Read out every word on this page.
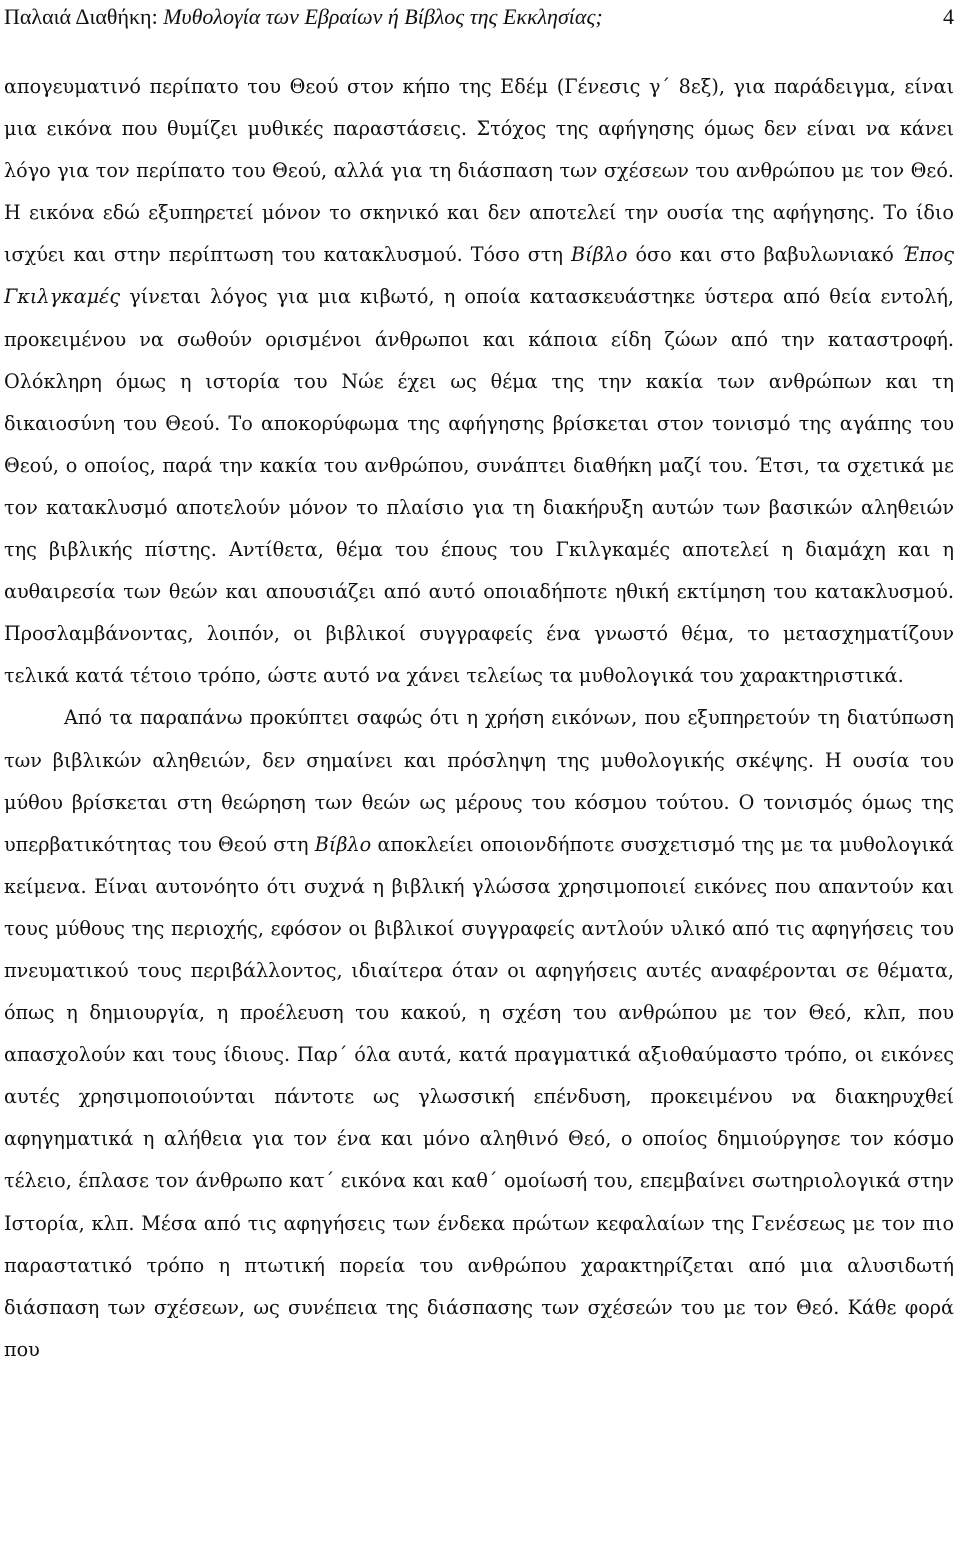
Παλαιά Διαθήκη: Μυθολογία των Εβραίων ή Βίβλος της Εκκλησίας;	4

απογευματινό περίπατο του Θεού στον κήπο της Εδέμ (Γένεσις γ΄ 8εξ), για παράδειγμα, είναι μια εικόνα που θυμίζει μυθικές παραστάσεις. Στόχος της αφήγησης όμως δεν είναι να κάνει λόγο για τον περίπατο του Θεού, αλλά για τη διάσπαση των σχέσεων του ανθρώπου με τον Θεό. Η εικόνα εδώ εξυπηρετεί μόνον το σκηνικό και δεν αποτελεί την ουσία της αφήγησης. Το ίδιο ισχύει και στην περίπτωση του κατακλυσμού. Τόσο στη Βίβλο όσο και στο βαβυλωνιακό Έπος Γκιλγκαμές γίνεται λόγος για μια κιβωτό, η οποία κατασκευάστηκε ύστερα από θεία εντολή, προκειμένου να σωθούν ορισμένοι άνθρωποι και κάποια είδη ζώων από την καταστροφή. Ολόκληρη όμως η ιστορία του Νώε έχει ως θέμα της την κακία των ανθρώπων και τη δικαιοσύνη του Θεού. Το αποκορύφωμα της αφήγησης βρίσκεται στον τονισμό της αγάπης του Θεού, ο οποίος, παρά την κακία του ανθρώπου, συνάπτει διαθήκη μαζί του. Έτσι, τα σχετικά με τον κατακλυσμό αποτελούν μόνον το πλαίσιο για τη διακήρυξη αυτών των βασικών αληθειών της βιβλικής πίστης. Αντίθετα, θέμα του έπους του Γκιλγκαμές αποτελεί η διαμάχη και η αυθαιρεσία των θεών και απουσιάζει από αυτό οποιαδήποτε ηθική εκτίμηση του κατακλυσμού. Προσλαμβάνοντας, λοιπόν, οι βιβλικοί συγγραφείς ένα γνωστό θέμα, το μετασχηματίζουν τελικά κατά τέτοιο τρόπο, ώστε αυτό να χάνει τελείως τα μυθολογικά του χαρακτηριστικά.

Από τα παραπάνω προκύπτει σαφώς ότι η χρήση εικόνων, που εξυπηρετούν τη διατύπωση των βιβλικών αληθειών, δεν σημαίνει και πρόσληψη της μυθολογικής σκέψης. Η ουσία του μύθου βρίσκεται στη θεώρηση των θεών ως μέρους του κόσμου τούτου. Ο τονισμός όμως της υπερβατικότητας του Θεού στη Βίβλο αποκλείει οποιονδήποτε συσχετισμό της με τα μυθολογικά κείμενα. Είναι αυτονόητο ότι συχνά η βιβλική γλώσσα χρησιμοποιεί εικόνες που απαντούν και τους μύθους της περιοχής, εφόσον οι βιβλικοί συγγραφείς αντλούν υλικό από τις αφηγήσεις του πνευματικού τους περιβάλλοντος, ιδιαίτερα όταν οι αφηγήσεις αυτές αναφέρονται σε θέματα, όπως η δημιουργία, η προέλευση του κακού, η σχέση του ανθρώπου με τον Θεό, κλπ, που απασχολούν και τους ίδιους. Παρ΄ όλα αυτά, κατά πραγματικά αξιοθαύμαστο τρόπο, οι εικόνες αυτές χρησιμοποιούνται πάντοτε ως γλωσσική επένδυση, προκειμένου να διακηρυχθεί αφηγηματικά η αλήθεια για τον ένα και μόνο αληθινό Θεό, ο οποίος δημιούργησε τον κόσμο τέλειο, έπλασε τον άνθρωπο κατ΄ εικόνα και καθ΄ ομοίωσή του, επεμβαίνει σωτηριολογικά στην Ιστορία, κλπ. Μέσα από τις αφηγήσεις των ένδεκα πρώτων κεφαλαίων της Γενέσεως με τον πιο παραστατικό τρόπο η πτωτική πορεία του ανθρώπου χαρακτηρίζεται από μια αλυσιδωτή διάσπαση των σχέσεων, ως συνέπεια της διάσπασης των σχέσεών του με τον Θεό. Κάθε φορά που
